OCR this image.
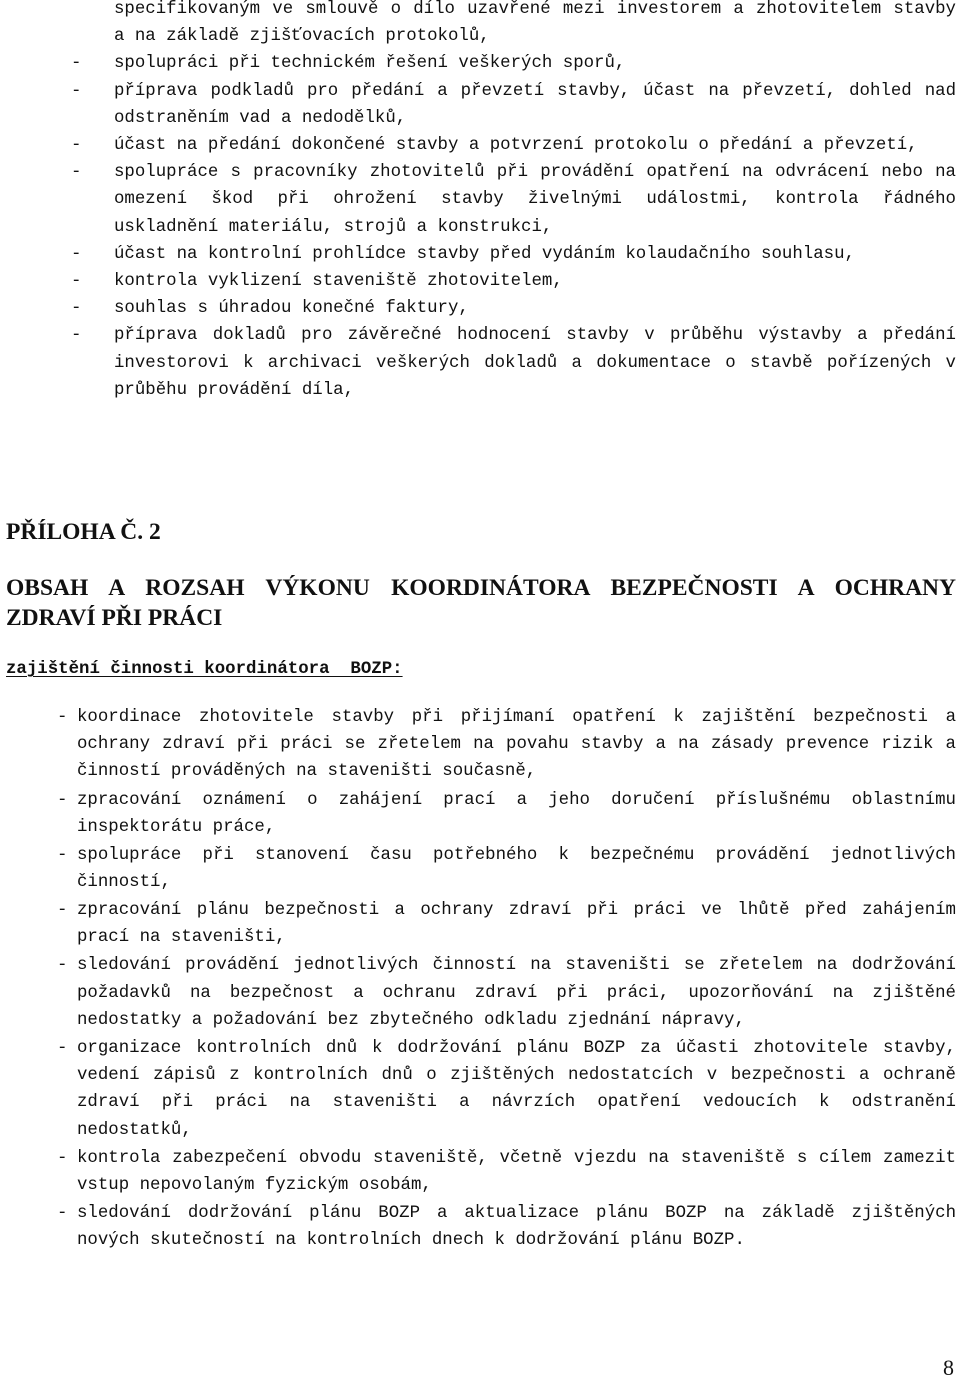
specifikovaným ve smlouvě o dílo uzavřené mezi investorem a zhotovitelem stavby a na základě zjišťovacích protokolů,
- spolupráci při technickém řešení veškerých sporů,
- příprava podkladů pro předání a převzetí stavby, účast na převzetí, dohled nad odstraněním vad a nedodělků,
- účast na předání dokončené stavby a potvrzení protokolu o předání a převzetí,
- spolupráce s pracovníky zhotovitelů při provádění opatření na odvrácení nebo na omezení škod při ohrožení stavby živelnými událostmi, kontrola řádného uskladnění materiálu, strojů a konstrukci,
- účast na kontrolní prohlídce stavby před vydáním kolaudačního souhlasu,
- kontrola vyklizení staveniště zhotovitelem,
- souhlas s úhradou konečné faktury,
- příprava dokladů pro závěrečné hodnocení stavby v průběhu výstavby a předání investorovi k archivaci veškerých dokladů a dokumentace o stavbě pořízených v průběhu provádění díla,
PŘÍLOHA Č. 2
OBSAH A ROZSAH VÝKONU KOORDINÁTORA BEZPEČNOSTI A OCHRANY
ZDRAVÍ PŘI PRÁCI
zajištění činnosti koordinátora  BOZP:
- koordinace zhotovitele stavby při přijímaní opatření k zajištění bezpečnosti a ochrany zdraví při práci se zřetelem na povahu stavby a na zásady prevence rizik a činností prováděných na staveništi současně,
- zpracování oznámení o zahájení prací a jeho doručení příslušnému oblastnímu inspektorátu práce,
- spolupráce při stanovení času potřebného k bezpečnému provádění jednotlivých činností,
- zpracování plánu bezpečnosti a ochrany zdraví při práci ve lhůtě před zahájením prací na staveništi,
- sledování provádění jednotlivých činností na staveništi se zřetelem na dodržování požadavků na bezpečnost a ochranu zdraví při práci, upozorňování na zjištěné nedostatky a požadování bez zbytečného odkladu zjednání nápravy,
- organizace kontrolních dnů k dodržování plánu BOZP za účasti zhotovitele stavby, vedení zápisů z kontrolních dnů o zjištěných nedostatcích v bezpečnosti a ochraně zdraví při práci na staveništi a návrzích opatření vedoucích k odstranění nedostatků,
- kontrola zabezpečení obvodu staveniště, včetně vjezdu na staveniště s cílem zamezit vstup nepovolaným fyzickým osobám,
- sledování dodržování plánu BOZP a aktualizace plánu BOZP na základě zjištěných nových skutečností na kontrolních dnech k dodržování plánu BOZP.
8
